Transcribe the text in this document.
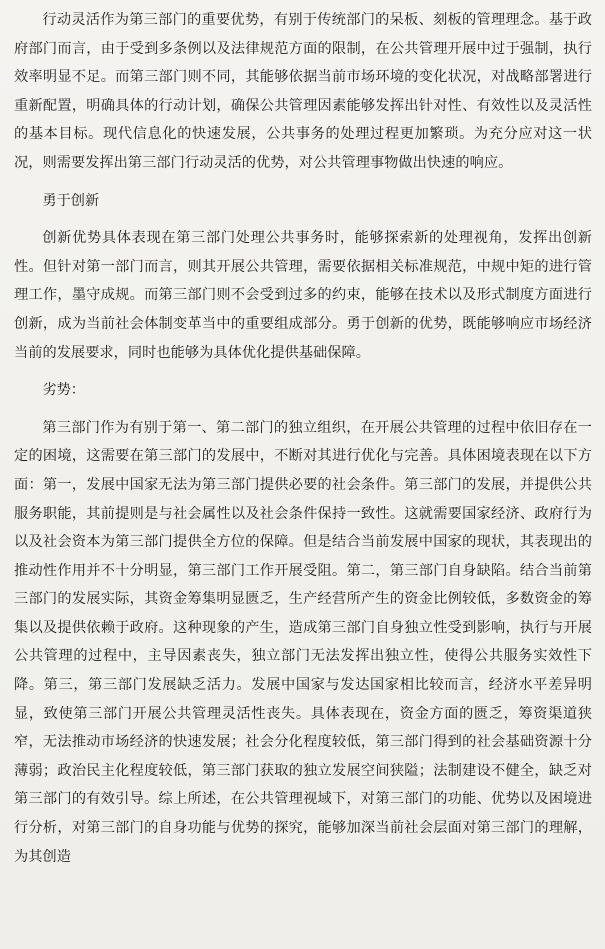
行动灵活作为第三部门的重要优势，有别于传统部门的呆板、刻板的管理理念。基于政府部门而言，由于受到多条例以及法律规范方面的限制，在公共管理开展中过于强制，执行效率明显不足。而第三部门则不同，其能够依据当前市场环境的变化状况，对战略部署进行重新配置，明确具体的行动计划，确保公共管理因素能够发挥出针对性、有效性以及灵活性的基本目标。现代信息化的快速发展，公共事务的处理过程更加繁琐。为充分应对这一状况，则需要发挥出第三部门行动灵活的优势，对公共管理事物做出快速的响应。

勇于创新

创新优势具体表现在第三部门处理公共事务时，能够探索新的处理视角，发挥出创新性。但针对第一部门而言，则其开展公共管理，需要依据相关标准规范，中规中矩的进行管理工作，墨守成规。而第三部门则不会受到过多的约束，能够在技术以及形式制度方面进行创新，成为当前社会体制变革当中的重要组成部分。勇于创新的优势，既能够响应市场经济当前的发展要求，同时也能够为具体优化提供基础保障。

劣势：

第三部门作为有别于第一、第二部门的独立组织，在开展公共管理的过程中依旧存在一定的困境，这需要在第三部门的发展中，不断对其进行优化与完善。具体困境表现在以下方面：第一，发展中国家无法为第三部门提供必要的社会条件。第三部门的发展，并提供公共服务职能，其前提则是与社会属性以及社会条件保持一致性。这就需要国家经济、政府行为以及社会资本为第三部门提供全方位的保障。但是结合当前发展中国家的现状，其表现出的推动性作用并不十分明显，第三部门工作开展受阻。第二，第三部门自身缺陷。结合当前第三部门的发展实际，其资金筹集明显匮乏，生产经营所产生的资金比例较低，多数资金的筹集以及提供依赖于政府。这种现象的产生，造成第三部门自身独立性受到影响，执行与开展公共管理的过程中，主导因素丧失，独立部门无法发挥出独立性，使得公共服务实效性下降。第三，第三部门发展缺乏活力。发展中国家与发达国家相比较而言，经济水平差异明显，致使第三部门开展公共管理灵活性丧失。具体表现在，资金方面的匮乏，筹资渠道狭窄，无法推动市场经济的快速发展；社会分化程度较低，第三部门得到的社会基础资源十分薄弱；政治民主化程度较低，第三部门获取的独立发展空间狭隘；法制建设不健全，缺乏对第三部门的有效引导。综上所述，在公共管理视域下，对第三部门的功能、优势以及困境进行分析，对第三部门的自身功能与优势的探究，能够加深当前社会层面对第三部门的理解，为其创造
